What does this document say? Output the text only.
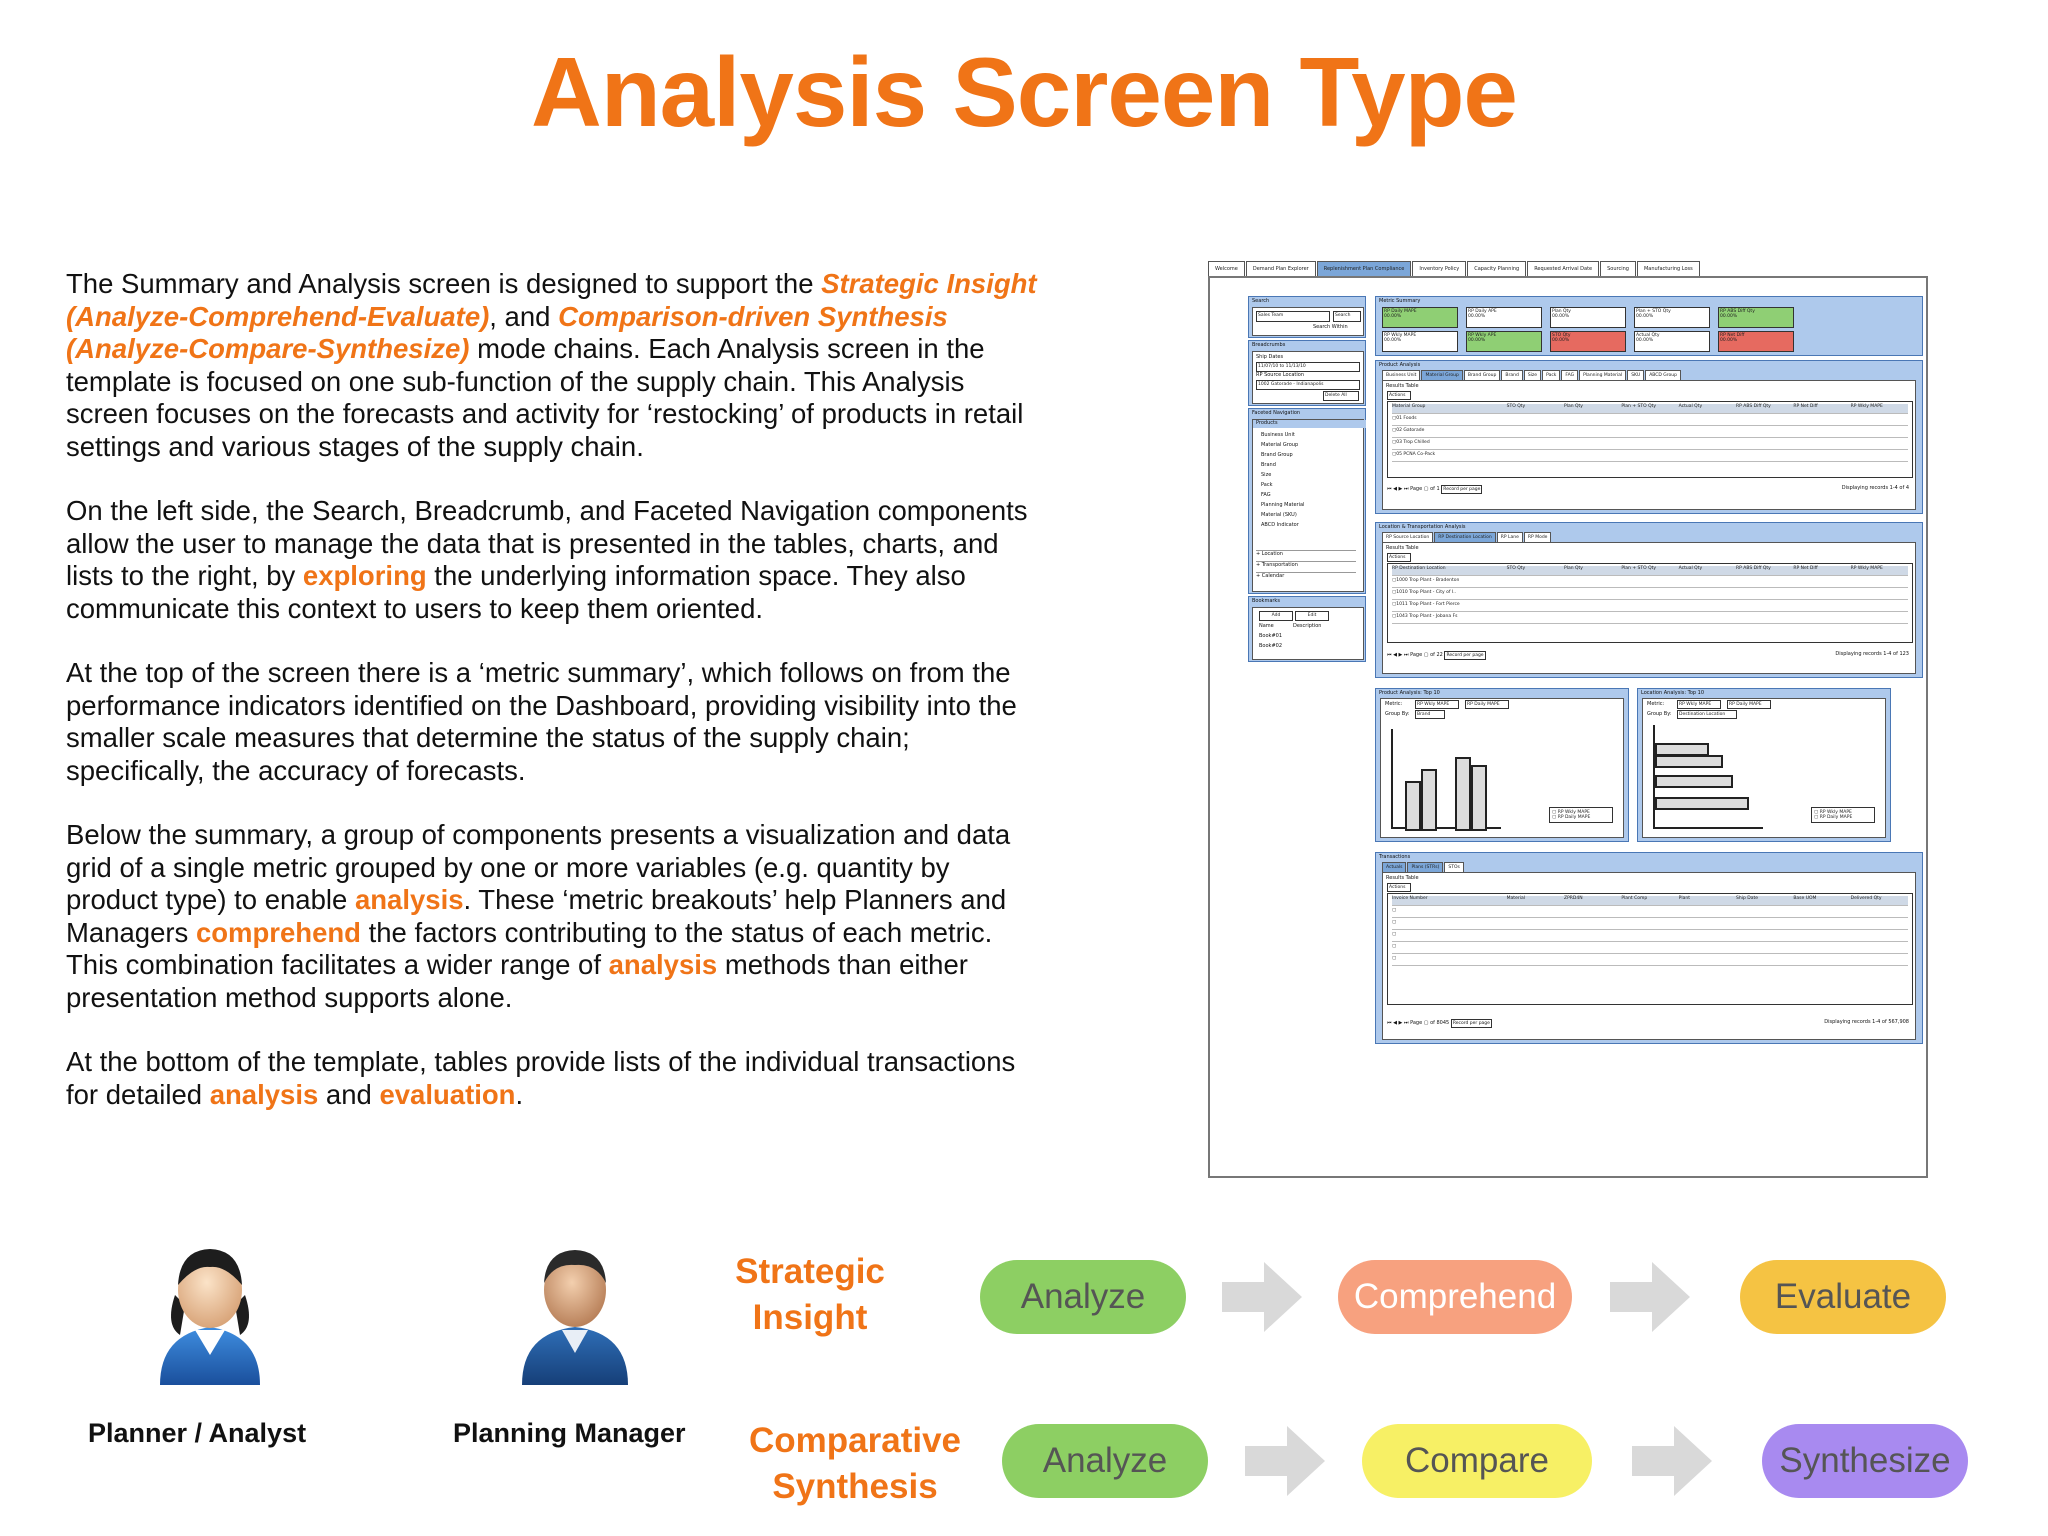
Analysis Screen Type

The Summary and Analysis screen is designed to support the Strategic Insight (Analyze-Comprehend-Evaluate), and Comparison-driven Synthesis (Analyze-Compare-Synthesize) mode chains. Each Analysis screen in the template is focused on one sub-function of the supply chain. This Analysis screen focuses on the forecasts and activity for ‘restocking’ of products in retail settings and various stages of the supply chain.

On the left side, the Search, Breadcrumb, and Faceted Navigation components allow the user to manage the data that is presented in the tables, charts, and lists to the right, by exploring the underlying information space. They also communicate this context to users to keep them oriented.

At the top of the screen there is a ‘metric summary’, which follows on from the performance indicators identified on the Dashboard, providing visibility into the smaller scale measures that determine the status of the supply chain; specifically, the accuracy of forecasts.

Below the summary, a group of components presents a visualization and data grid of a single metric grouped by one or more variables (e.g. quantity by product type) to enable analysis. These ‘metric breakouts’ help Planners and Managers comprehend the factors contributing to the status of each metric. This combination facilitates a wider range of analysis methods than either presentation method supports alone.

At the bottom of the template, tables provide lists of the individual transactions for detailed analysis and evaluation.

Welcome	Demand Plan Explorer	Replenishment Plan Compliance	Inventory Policy	Capacity Planning	Requested Arrival Date	Sourcing	Manufacturing Loss
Search
Sales Team	Search
Search Within
Breadcrumbs
Ship Dates
11/07/10 to 11/13/10
RP Source Location
1002 Gatorade - Indianapolis
Delete All
Faceted Navigation
Products
Business Unit
Material Group
Brand Group
Brand
Size
Pack
FAG
Planning Material
Material (SKU)
ABCD Indicator
+ Location
+ Transportation
+ Calendar
Bookmarks
Add	Edit
Name	Description
Book#01
Book#02
Metric Summary
RP Daily MAPE
00.00%
RP Daily APE
00.00%
Plan Qty
00.00%
Plan + STO Qty
00.00%
RP ABS Diff Qty
00.00%
RP Wkly MAPE
00.00%
RP Wkly APE
00.00%
STO Qty
00.00%
Actual Qty
00.00%
RP Net Diff
00.00%
Product Analysis
Business Unit	Material Group	Brand Group	Brand	Size	Pack	FAG	Planning Material	SKU	ABCD Group
Results Table
Actions
Material Group	STO Qty	Plan Qty	Plan + STO Qty	Actual Qty	RP ABS Diff Qty	RP Net Diff	RP Wkly MAPE
▢ 01 Foods
▢ 02 Gatorade
▢ 03 Trop Chilled
▢ 05 PCNA Co-Pack
⏮ ◀ ▶ ⏭ Page ▢ of 1 Record per page	Displaying records 1-4 of 4
Location & Transportation Analysis
RP Source Location	RP Destination Location	RP Lane	RP Mode
Results Table
Actions
RP Destination Location	STO Qty	Plan Qty	Plan + STO Qty	Actual Qty	RP ABS Diff Qty	RP Net Diff	RP Wkly MAPE
▢ 1000 Trop Plant - Bradenton
▢ 1010 Trop Plant - City of I..
▢ 1011 Trop Plant - Fort Pierce
▢ 1043 Trop Plant - Jobana Fs
⏮ ◀ ▶ ⏭ Page ▢ of 22 Record per page	Displaying records 1-4 of 123
Product Analysis: Top 10
Metric:	RP Wkly MAPE	RP Daily MAPE
Group By:	Brand
▢ RP Wkly MAPE
▢ RP Daily MAPE
Location Analysis: Top 10
Metric:	RP Wkly MAPE	RP Daily MAPE
Group By:	Destination Location
▢ RP Wkly MAPE
▢ RP Daily MAPE
Transactions
Actuals	Plans (STRs)	STOs
Results Table
Actions
Invoice Number	Material	ZPRD4N	Plant Comp	Plant	Ship Date	Base UOM	Delivered Qty
▢
▢
▢
▢
▢
⏮ ◀ ▶ ⏭ Page ▢ of 8045 Record per page	Displaying records 1-4 of 567,908
Planner / Analyst	Planning Manager
Strategic
Insight
Analyze	Comprehend	Evaluate
Comparative
Synthesis
Analyze	Compare	Synthesize
